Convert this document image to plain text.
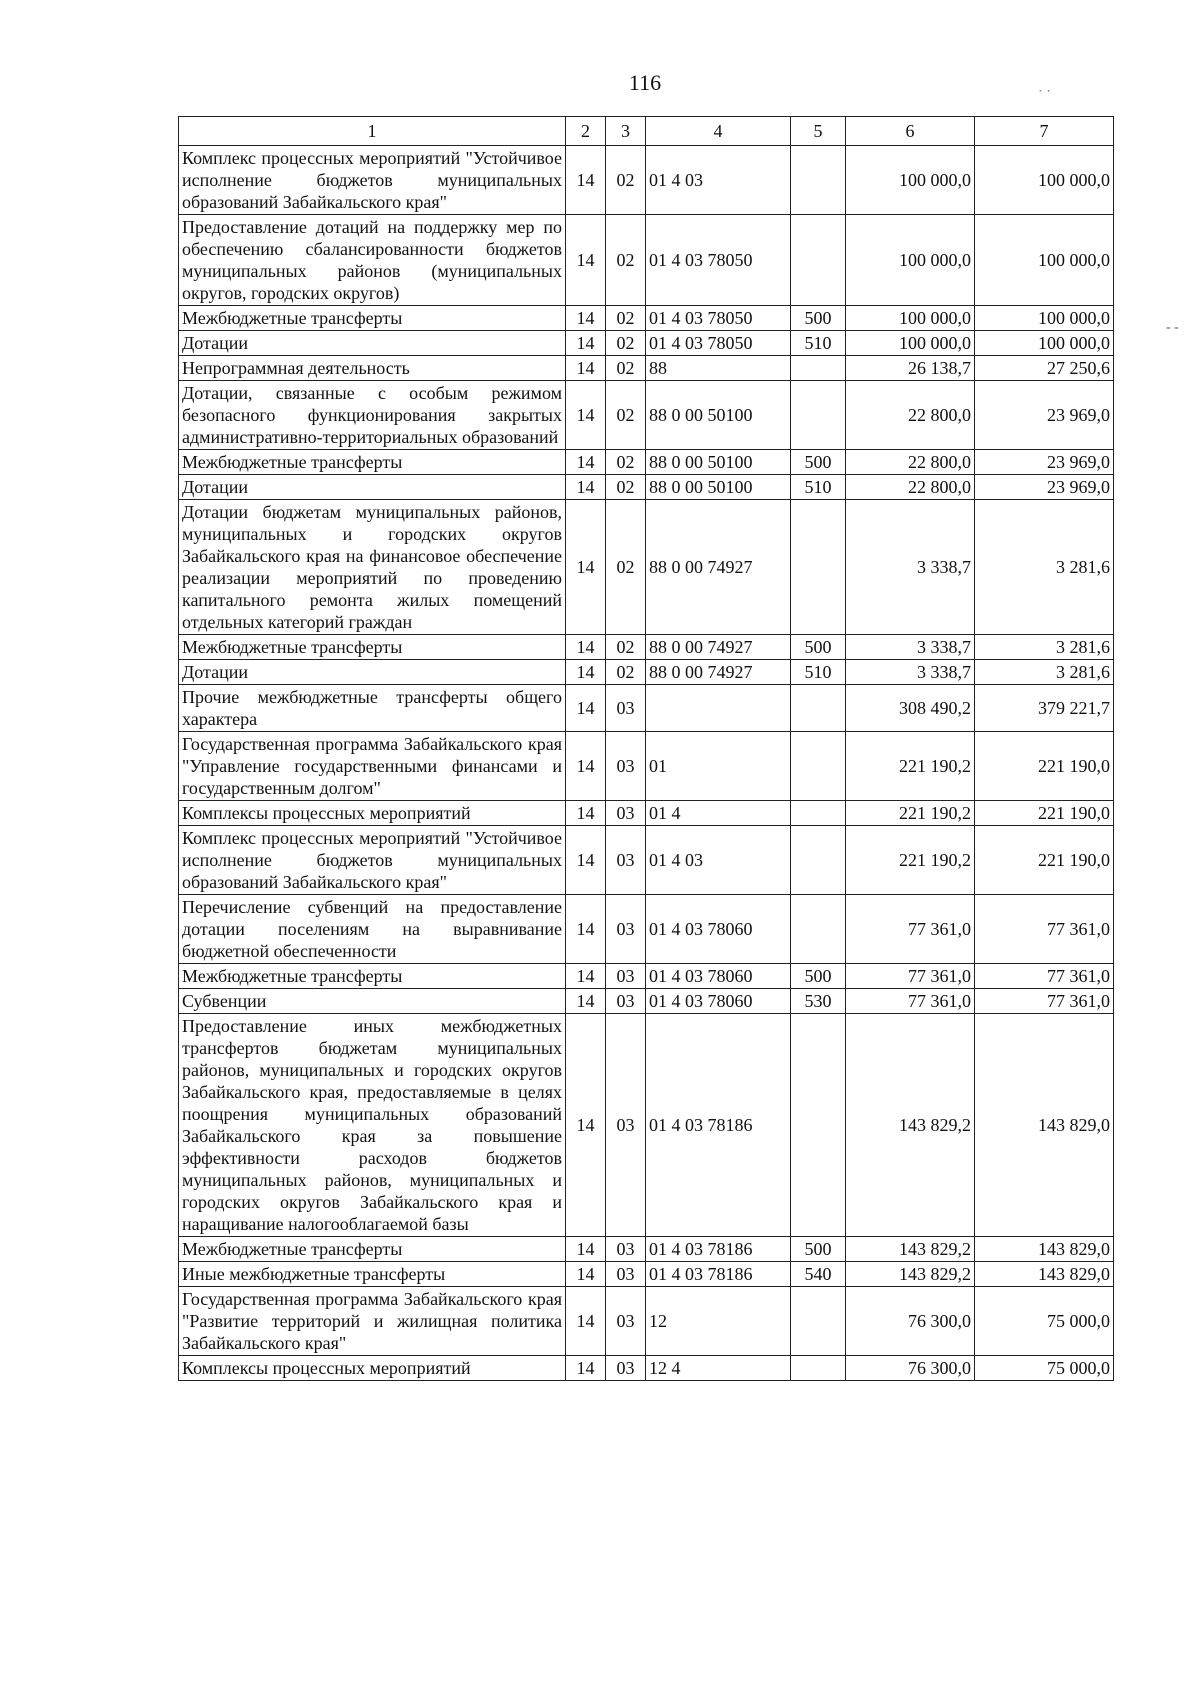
116
˙ ˙
- -
1	2	3	4	5	6	7
Комплекс процессных мероприятий "Устойчивое исполнение бюджетов муниципальных образований Забайкальского края"	14	02	01 4 03		100 000,0	100 000,0
Предоставление дотаций на поддержку мер по обеспечению сбалансированности бюджетов муниципальных районов (муниципальных округов, городских округов)	14	02	01 4 03 78050		100 000,0	100 000,0
Межбюджетные трансферты	14	02	01 4 03 78050	500	100 000,0	100 000,0
Дотации	14	02	01 4 03 78050	510	100 000,0	100 000,0
Непрограммная деятельность	14	02	88		26 138,7	27 250,6
Дотации, связанные с особым режимом безопасного функционирования закрытых административно-территориальных образований	14	02	88 0 00 50100		22 800,0	23 969,0
Межбюджетные трансферты	14	02	88 0 00 50100	500	22 800,0	23 969,0
Дотации	14	02	88 0 00 50100	510	22 800,0	23 969,0
Дотации бюджетам муниципальных районов, муниципальных и городских округов Забайкальского края на финансовое обеспечение реализации мероприятий по проведению капитального ремонта жилых помещений отдельных категорий граждан	14	02	88 0 00 74927		3 338,7	3 281,6
Межбюджетные трансферты	14	02	88 0 00 74927	500	3 338,7	3 281,6
Дотации	14	02	88 0 00 74927	510	3 338,7	3 281,6
Прочие межбюджетные трансферты общего характера	14	03			308 490,2	379 221,7
Государственная программа Забайкальского края "Управление государственными финансами и государственным долгом"	14	03	01		221 190,2	221 190,0
Комплексы процессных мероприятий	14	03	01 4		221 190,2	221 190,0
Комплекс процессных мероприятий "Устойчивое исполнение бюджетов муниципальных образований Забайкальского края"	14	03	01 4 03		221 190,2	221 190,0
Перечисление субвенций на предоставление дотации поселениям на выравнивание бюджетной обеспеченности	14	03	01 4 03 78060		77 361,0	77 361,0
Межбюджетные трансферты	14	03	01 4 03 78060	500	77 361,0	77 361,0
Субвенции	14	03	01 4 03 78060	530	77 361,0	77 361,0
Предоставление иных межбюджетных трансфертов бюджетам муниципальных районов, муниципальных и городских округов Забайкальского края, предоставляемые в целях поощрения муниципальных образований Забайкальского края за повышение эффективности расходов бюджетов муниципальных районов, муниципальных и городских округов Забайкальского края и наращивание налогооблагаемой базы	14	03	01 4 03 78186		143 829,2	143 829,0
Межбюджетные трансферты	14	03	01 4 03 78186	500	143 829,2	143 829,0
Иные межбюджетные трансферты	14	03	01 4 03 78186	540	143 829,2	143 829,0
Государственная программа Забайкальского края "Развитие территорий и жилищная политика Забайкальского края"	14	03	12		76 300,0	75 000,0
Комплексы процессных мероприятий	14	03	12 4		76 300,0	75 000,0
